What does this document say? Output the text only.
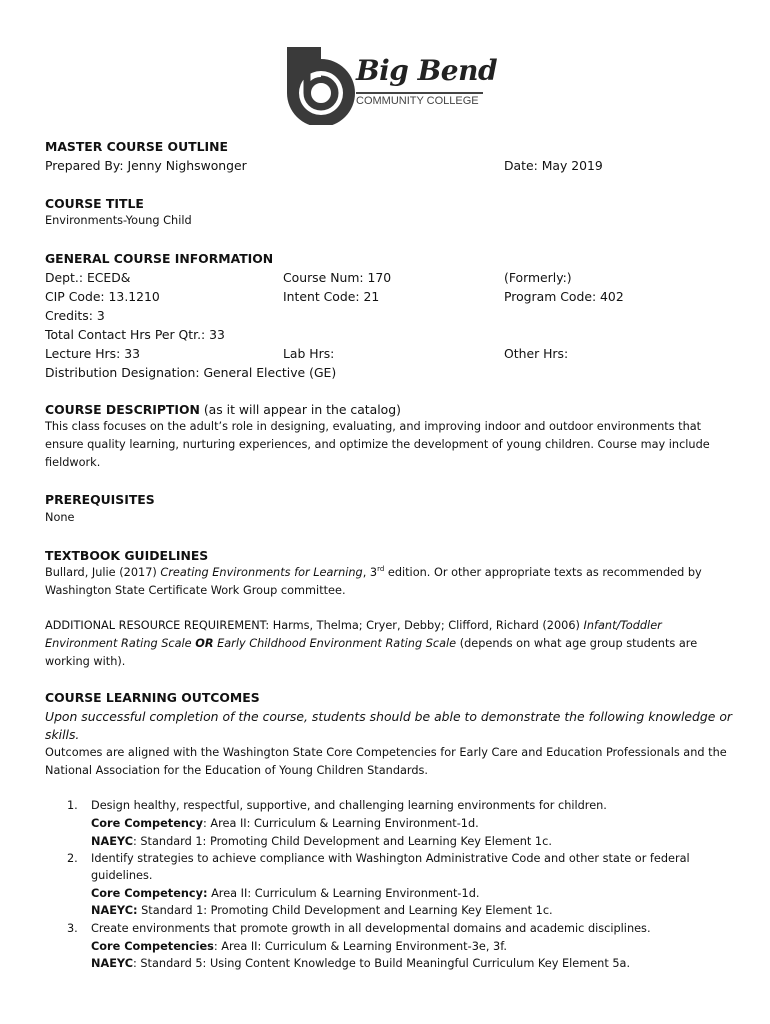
Big Bend
COMMUNITY COLLEGE
MASTER COURSE OUTLINE
Prepared By: Jenny Nighswonger	Date: May 2019
COURSE TITLE
Environments-Young Child
GENERAL COURSE INFORMATION
Dept.: ECED&	Course Num: 170	(Formerly:)
CIP Code: 13.1210	Intent Code: 21	Program Code: 402
Credits: 3
Total Contact Hrs Per Qtr.: 33
Lecture Hrs: 33	Lab Hrs:	Other Hrs:
Distribution Designation: General Elective (GE)
COURSE DESCRIPTION (as it will appear in the catalog)
This class focuses on the adult’s role in designing, evaluating, and improving indoor and outdoor environments that
ensure quality learning, nurturing experiences, and optimize the development of young children. Course may include
fieldwork.
PREREQUISITES
None
TEXTBOOK GUIDELINES
Bullard, Julie (2017) Creating Environments for Learning, 3rd edition. Or other appropriate texts as recommended by
Washington State Certificate Work Group committee.
ADDITIONAL RESOURCE REQUIREMENT: Harms, Thelma; Cryer, Debby; Clifford, Richard (2006) Infant/Toddler
Environment Rating Scale OR Early Childhood Environment Rating Scale (depends on what age group students are
working with).
COURSE LEARNING OUTCOMES
Upon successful completion of the course, students should be able to demonstrate the following knowledge or
skills.
Outcomes are aligned with the Washington State Core Competencies for Early Care and Education Professionals and the
National Association for the Education of Young Children Standards.
1. Design healthy, respectful, supportive, and challenging learning environments for children.
Core Competency: Area II: Curriculum & Learning Environment-1d.
NAEYC: Standard 1: Promoting Child Development and Learning Key Element 1c.
2. Identify strategies to achieve compliance with Washington Administrative Code and other state or federal
guidelines.
Core Competency: Area II: Curriculum & Learning Environment-1d.
NAEYC: Standard 1: Promoting Child Development and Learning Key Element 1c.
3. Create environments that promote growth in all developmental domains and academic disciplines.
Core Competencies: Area II: Curriculum & Learning Environment-3e, 3f.
NAEYC: Standard 5: Using Content Knowledge to Build Meaningful Curriculum Key Element 5a.
